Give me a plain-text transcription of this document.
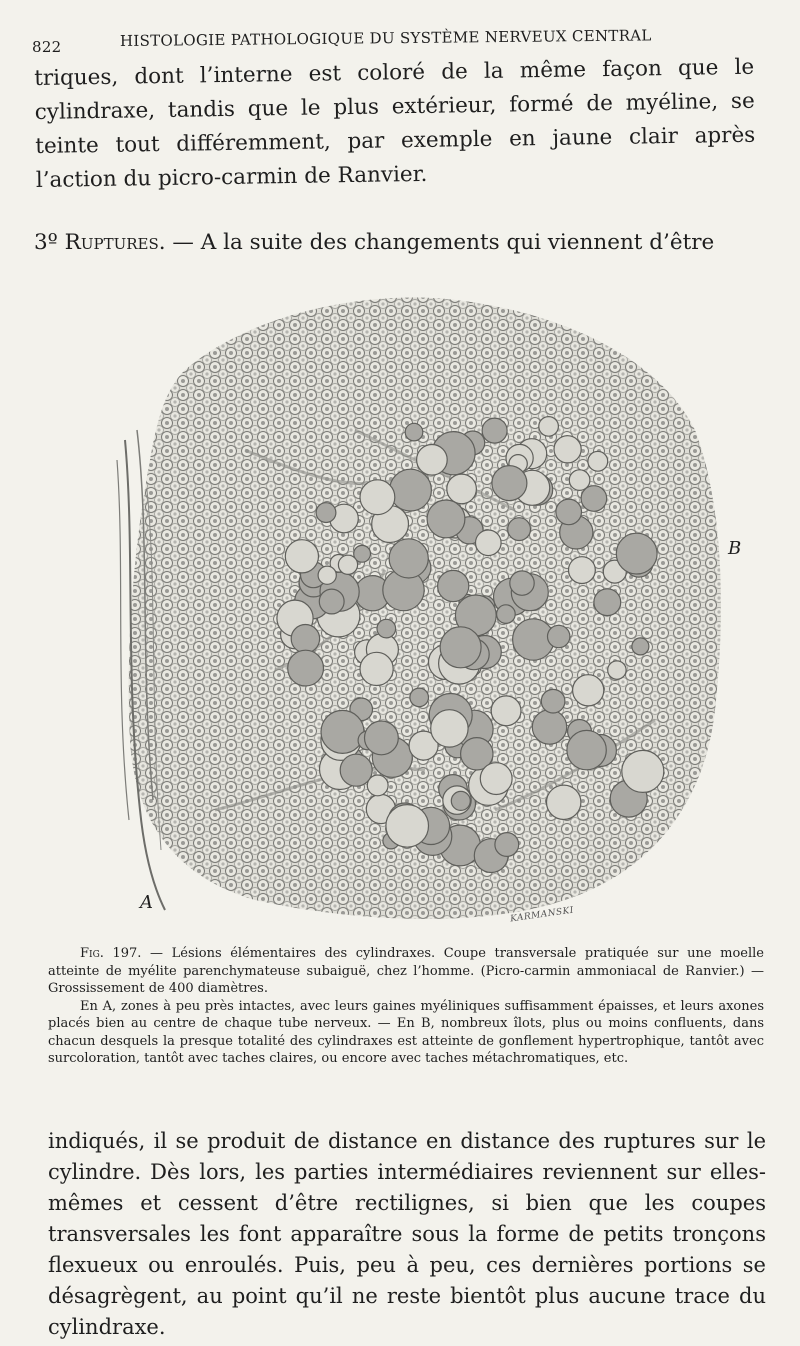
822	HISTOLOGIE PATHOLOGIQUE DU SYSTÈME NERVEUX CENTRAL

triques, dont l’interne est coloré de la même façon que le cylindraxe, tandis que le plus extérieur, formé de myéline, se teinte tout différemment, par exemple en jaune clair après l’action du picro-carmin de Ranvier.

3º Ruptures. — A la suite des changements qui viennent d’être
A
B
KARMANSKI

Fig. 197. — Lésions élémentaires des cylindraxes. Coupe transversale pratiquée sur une moelle atteinte de myélite parenchymateuse subaiguë, chez l’homme. (Picro-carmin ammoniacal de Ranvier.) — Grossissement de 400 diamètres.

En A, zones à peu près intactes, avec leurs gaines myéliniques suffisamment épaisses, et leurs axones placés bien au centre de chaque tube nerveux. — En B, nombreux îlots, plus ou moins confluents, dans chacun desquels la presque totalité des cylindraxes est atteinte de gonflement hypertrophique, tantôt avec surcoloration, tantôt avec taches claires, ou encore avec taches métachromatiques, etc.

indiqués, il se produit de distance en distance des ruptures sur le cylindre. Dès lors, les parties intermédiaires reviennent sur elles-mêmes et cessent d’être rectilignes, si bien que les coupes transversales les font apparaître sous la forme de petits tronçons flexueux ou enroulés. Puis, peu à peu, ces dernières portions se désagrègent, au point qu’il ne reste bientôt plus aucune trace du cylindraxe.
